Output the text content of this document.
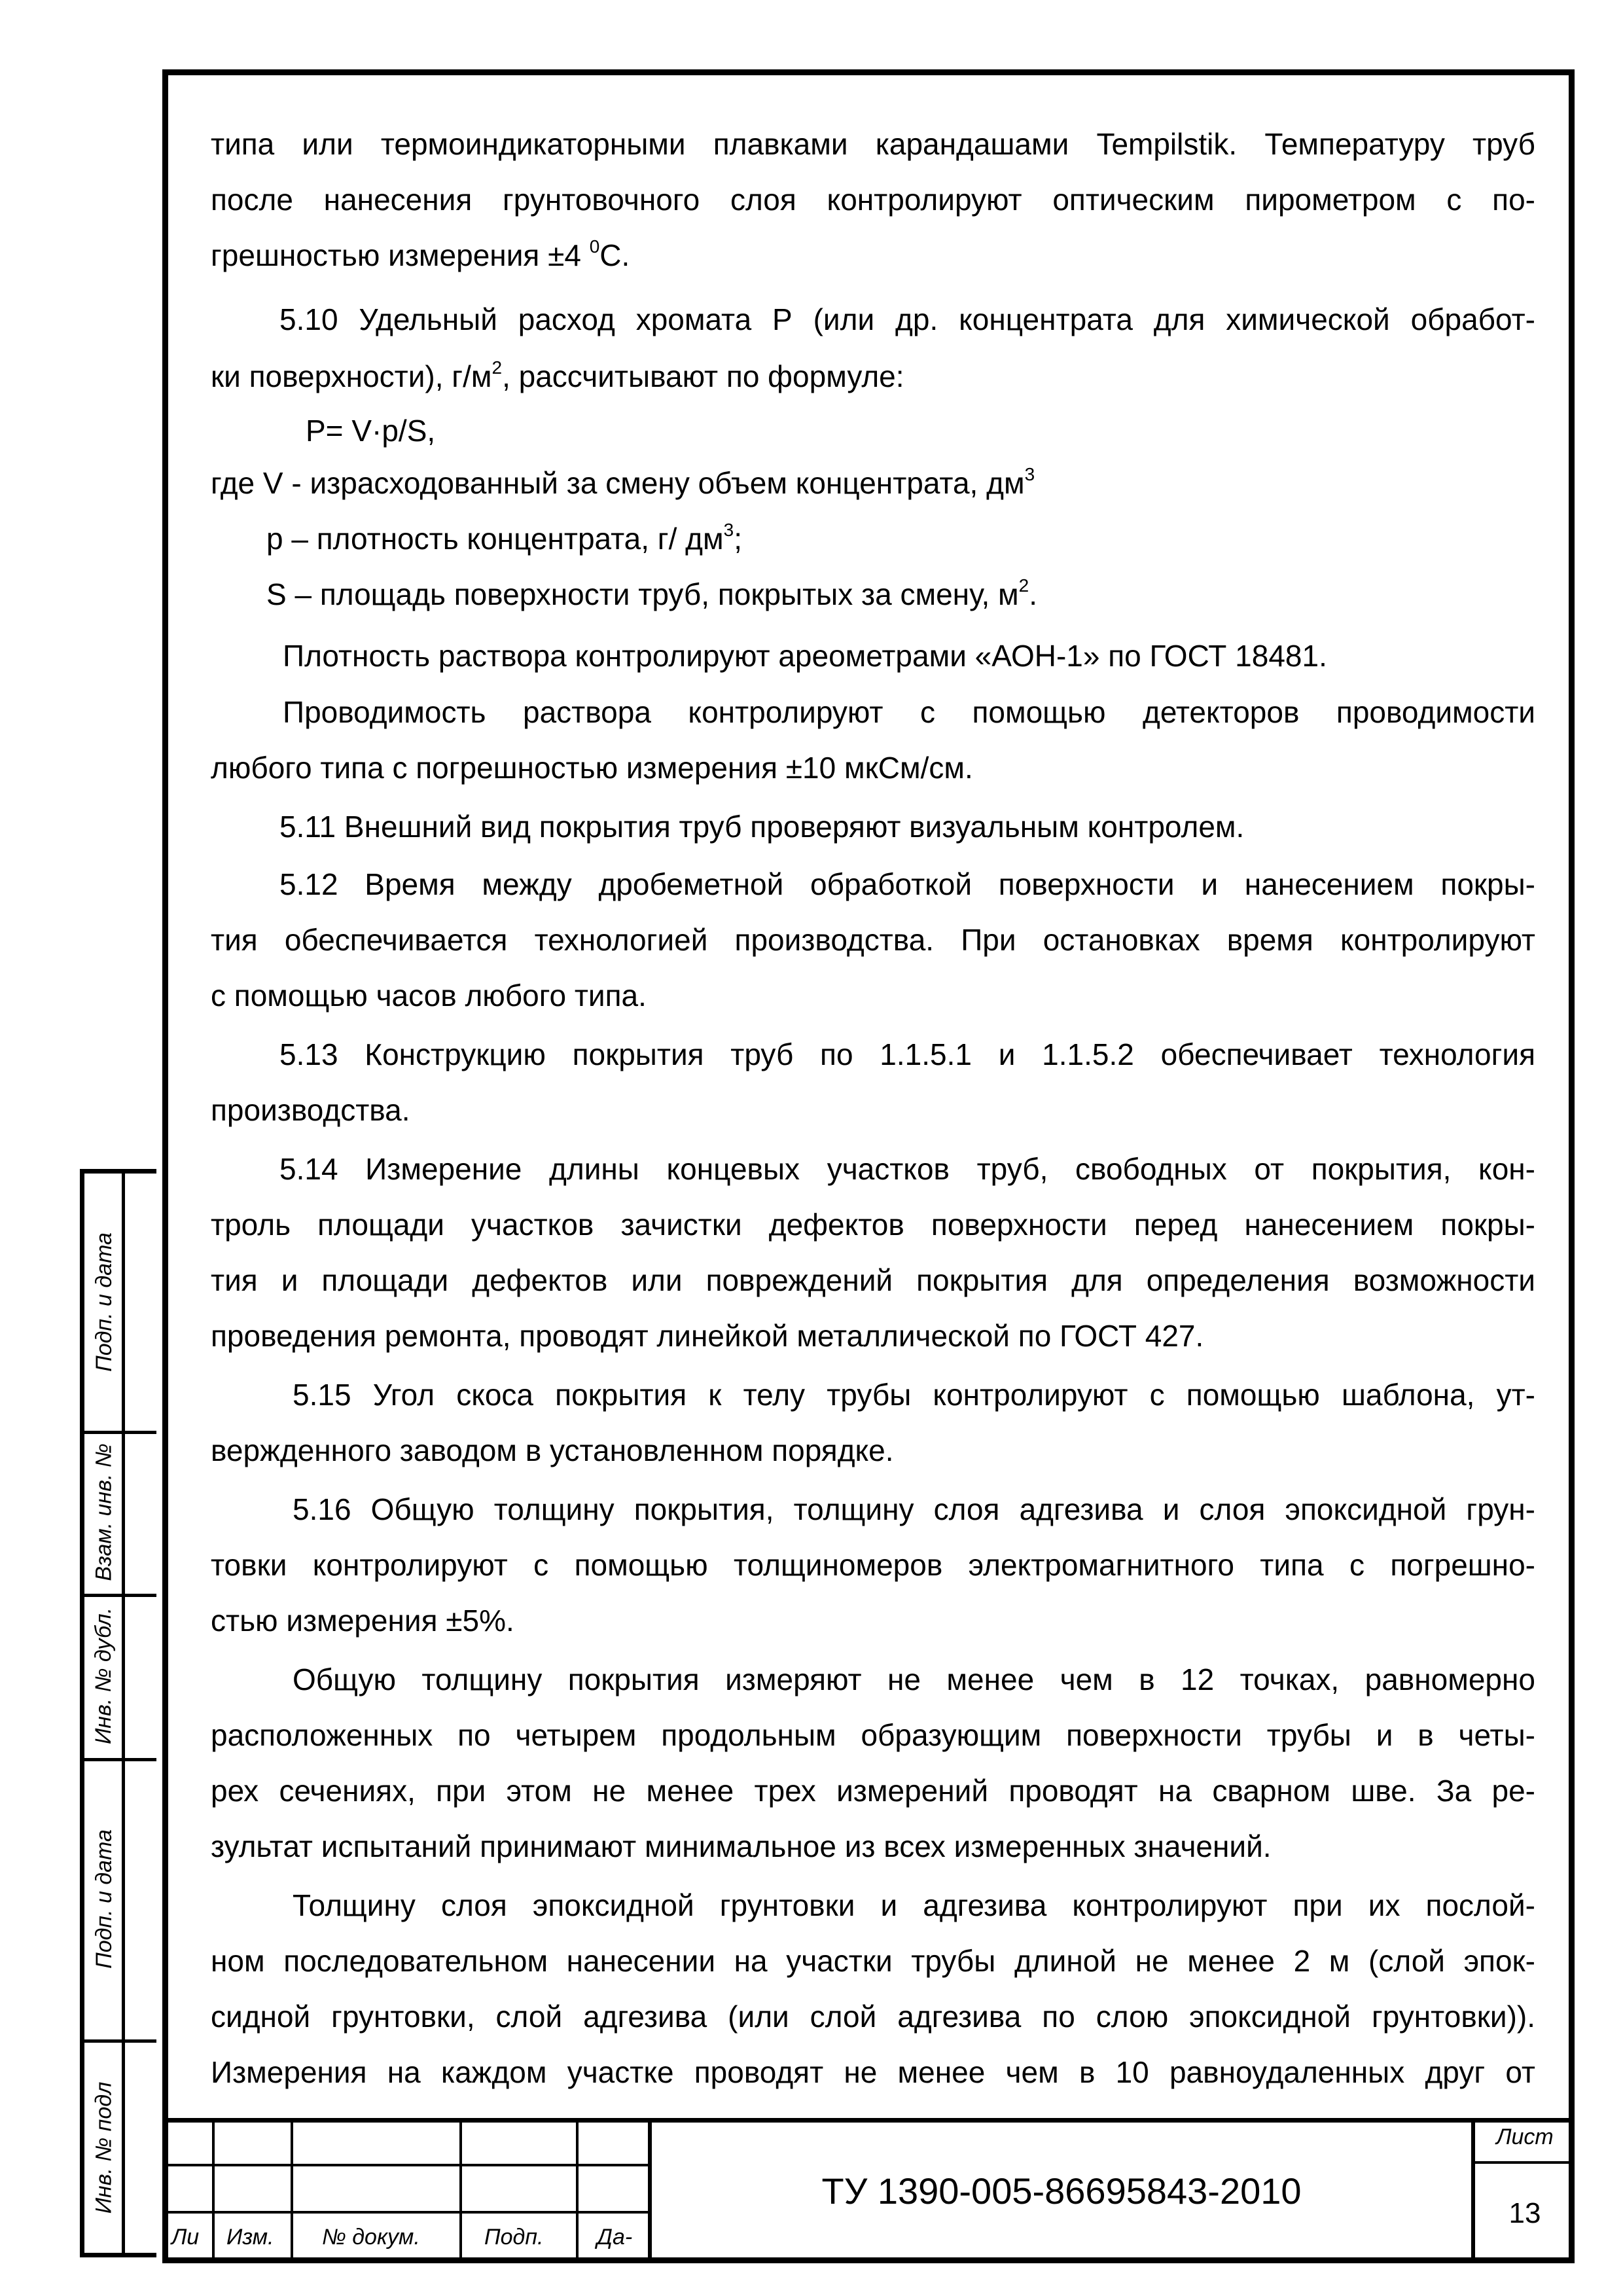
типа или термоиндикаторными плавками карандашами Tempilstik. Температуру труб
после нанесения грунтовочного слоя контролируют оптическим пирометром с по-
грешностью измерения ±4 $^0$С.
5.10 Удельный расход хромата Р (или др. концентрата для химической обработ-
ки поверхности), $г/м^2$, рассчитывают по формуле:
P= V·p/S,
где V - израсходованный за смену объем концентрата, $дм^3$
р – плотность концентрата, г/ $дм^3$;
S – площадь поверхности труб, покрытых за смену, $м^2$.
Плотность раствора контролируют ареометрами «АОН-1» по ГОСТ 18481.
Проводимость раствора контролируют с помощью детекторов проводимости
любого типа с погрешностью измерения ±10 мкСм/см.
5.11 Внешний вид покрытия труб проверяют визуальным контролем.
5.12 Время между дробеметной обработкой поверхности и нанесением покры-
тия обеспечивается технологией производства. При остановках время контролируют
с помощью часов любого типа.
5.13 Конструкцию покрытия труб по 1.1.5.1 и 1.1.5.2 обеспечивает технология
производства.
5.14 Измерение длины концевых участков труб, свободных от покрытия, кон-
троль площади участков зачистки дефектов поверхности перед нанесением покры-
тия и площади дефектов или повреждений покрытия для определения возможности
проведения ремонта, проводят линейкой металлической по ГОСТ 427.
5.15 Угол скоса покрытия к телу трубы контролируют с помощью шаблона, ут-
вержденного заводом в установленном порядке.
5.16 Общую толщину покрытия, толщину слоя адгезива и слоя эпоксидной грун-
товки контролируют с помощью толщиномеров электромагнитного типа с погрешно-
стью измерения ±5%.
Общую толщину покрытия измеряют не менее чем в 12 точках, равномерно
расположенных по четырем продольным образующим поверхности трубы и в четы-
рех сечениях, при этом не менее трех измерений проводят на сварном шве. За ре-
зультат испытаний принимают минимальное из всех измеренных значений.
Толщину слоя эпоксидной грунтовки и адгезива контролируют при их послой-
ном последовательном нанесении на участки трубы длиной не менее 2 м (слой эпок-
сидной грунтовки, слой адгезива (или слой адгезива по слою эпоксидной грунтовки)).
Измерения на каждом участке проводят не менее чем в 10 равноудаленных друг от
Подп. и дата
Взам. инв. №
Инв. № дубл.
Подп. и дата
Инв. № подл
Ли Изм. № докум.	Подп. Да-
ТУ 1390-005-86695843-2010
Лист
13
